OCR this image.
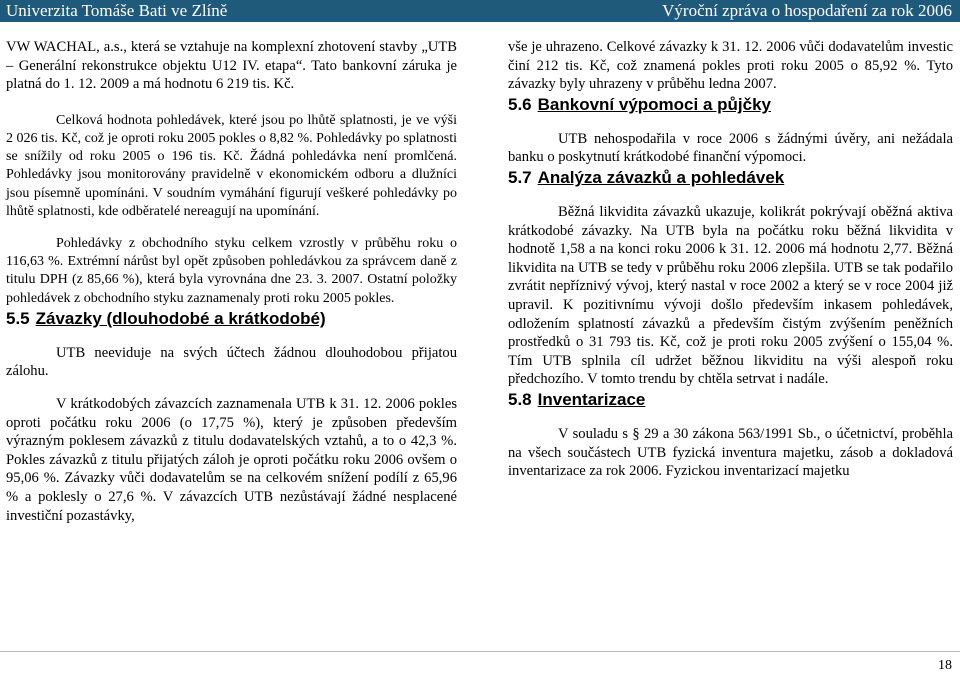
Univerzita Tomáše Bati ve Zlíně	Výroční zpráva o hospodaření za rok 2006

VW WACHAL, a.s., která se vztahuje na komplexní zhotovení stavby „UTB – Generální rekonstrukce objektu U12 IV. etapa“. Tato bankovní záruka je platná do 1. 12. 2009 a má hodnotu 6 219 tis. Kč.

Celková hodnota pohledávek, které jsou po lhůtě splatnosti, je ve výši 2 026 tis. Kč, což je oproti roku 2005 pokles o 8,82 %. Pohledávky po splatnosti se snížily od roku 2005 o 196 tis. Kč. Žádná pohledávka není promlčená. Pohledávky jsou monitorovány pravidelně v ekonomickém odboru a dlužníci jsou písemně upomínáni. V soudním vymáhání figurují veškeré pohledávky po lhůtě splatnosti, kde odběratelé nereagují na upomínání.

Pohledávky z obchodního styku celkem vzrostly v průběhu roku o 116,63 %. Extrémní nárůst byl opět způsoben pohledávkou za správcem daně z titulu DPH (z 85,66 %), která byla vyrovnána dne 23. 3. 2007. Ostatní položky pohledávek z obchodního styku zaznamenaly proti roku 2005 pokles.

5.5 Závazky (dlouhodobé a krátkodobé)

UTB neeviduje na svých účtech žádnou dlouhodobou přijatou zálohu.

V krátkodobých závazcích zaznamenala UTB k 31. 12. 2006 pokles oproti počátku roku 2006 (o 17,75 %), který je způsoben především výrazným poklesem závazků z titulu dodavatelských vztahů, a to o 42,3 %. Pokles závazků z titulu přijatých záloh je oproti počátku roku 2006 ovšem o 95,06 %. Závazky vůči dodavatelům se na celkovém snížení podílí z 65,96 % a poklesly o 27,6 %. V závazcích UTB nezůstávají žádné nesplacené investiční pozastávky,

vše je uhrazeno. Celkové závazky k 31. 12. 2006 vůči dodavatelům investic činí 212 tis. Kč, což znamená pokles proti roku 2005 o 85,92 %. Tyto závazky byly uhrazeny v průběhu ledna 2007.

5.6 Bankovní výpomoci a půjčky

UTB nehospodařila v roce 2006 s žádnými úvěry, ani nežádala banku o poskytnutí krátkodobé finanční výpomoci.

5.7 Analýza závazků a pohledávek

Běžná likvidita závazků ukazuje, kolikrát pokrývají oběžná aktiva krátkodobé závazky. Na UTB byla na počátku roku běžná likvidita v hodnotě 1,58 a na konci roku 2006 k 31. 12. 2006 má hodnotu 2,77. Běžná likvidita na UTB se tedy v průběhu roku 2006 zlepšila. UTB se tak podařilo zvrátit nepříznivý vývoj, který nastal v roce 2002 a který se v roce 2004 již upravil. K pozitivnímu vývoji došlo především inkasem pohledávek, odložením splatností závazků a především čistým zvýšením peněžních prostředků o 31 793 tis. Kč, což je proti roku 2005 zvýšení o 155,04 %. Tím UTB splnila cíl udržet běžnou likviditu na výši alespoň roku předchozího. V tomto trendu by chtěla setrvat i nadále.

5.8 Inventarizace

V souladu s § 29 a 30 zákona 563/1991 Sb., o účetnictví, proběhla na všech součástech UTB fyzická inventura majetku, zásob a dokladová inventarizace za rok 2006. Fyzickou inventarizací majetku

18
